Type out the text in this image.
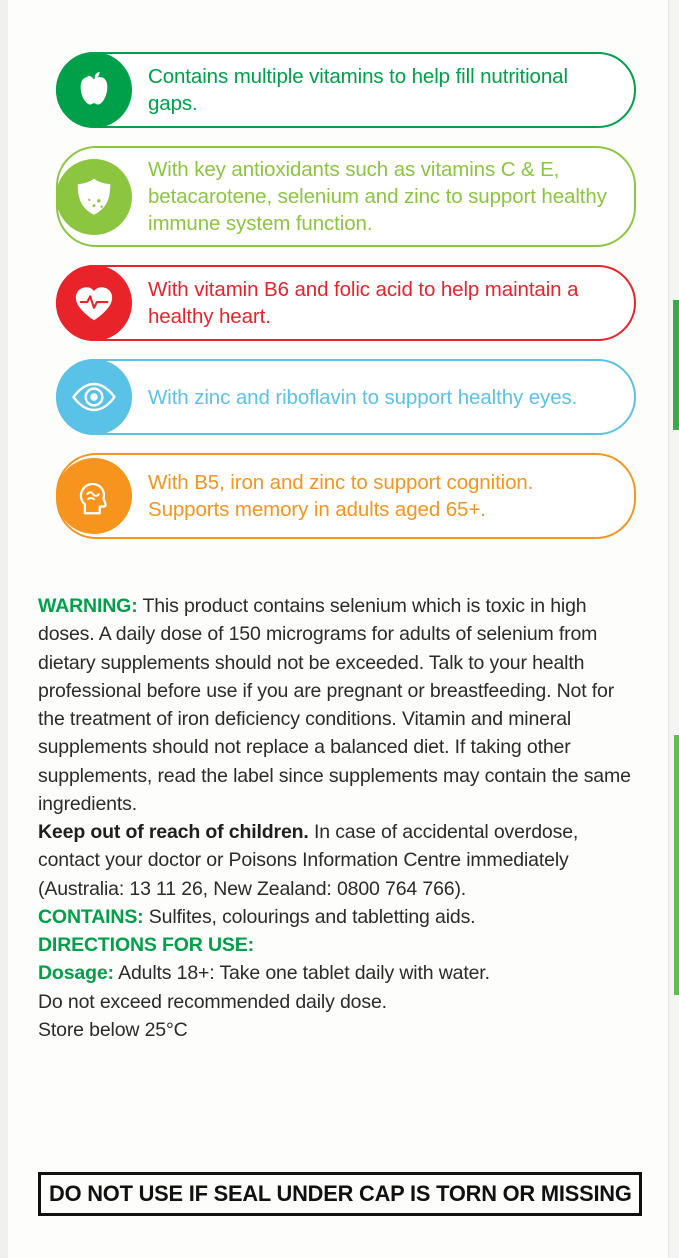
Contains multiple vitamins to help fill nutritional gaps.
With key antioxidants such as vitamins C & E, betacarotene, selenium and zinc to support healthy immune system function.
With vitamin B6 and folic acid to help maintain a healthy heart.
With zinc and riboflavin to support healthy eyes.
With B5, iron and zinc to support cognition. Supports memory in adults aged 65+.

WARNING: This product contains selenium which is toxic in high doses. A daily dose of 150 micrograms for adults of selenium from dietary supplements should not be exceeded. Talk to your health professional before use if you are pregnant or breastfeeding. Not for the treatment of iron deficiency conditions. Vitamin and mineral supplements should not replace a balanced diet. If taking other supplements, read the label since supplements may contain the same ingredients.

Keep out of reach of children. In case of accidental overdose, contact your doctor or Poisons Information Centre immediately (Australia: 13 11 26, New Zealand: 0800 764 766).

CONTAINS: Sulfites, colourings and tabletting aids.

DIRECTIONS FOR USE:

Dosage: Adults 18+: Take one tablet daily with water.

Do not exceed recommended daily dose.

Store below 25°C

DO NOT USE IF SEAL UNDER CAP IS TORN OR MISSING
